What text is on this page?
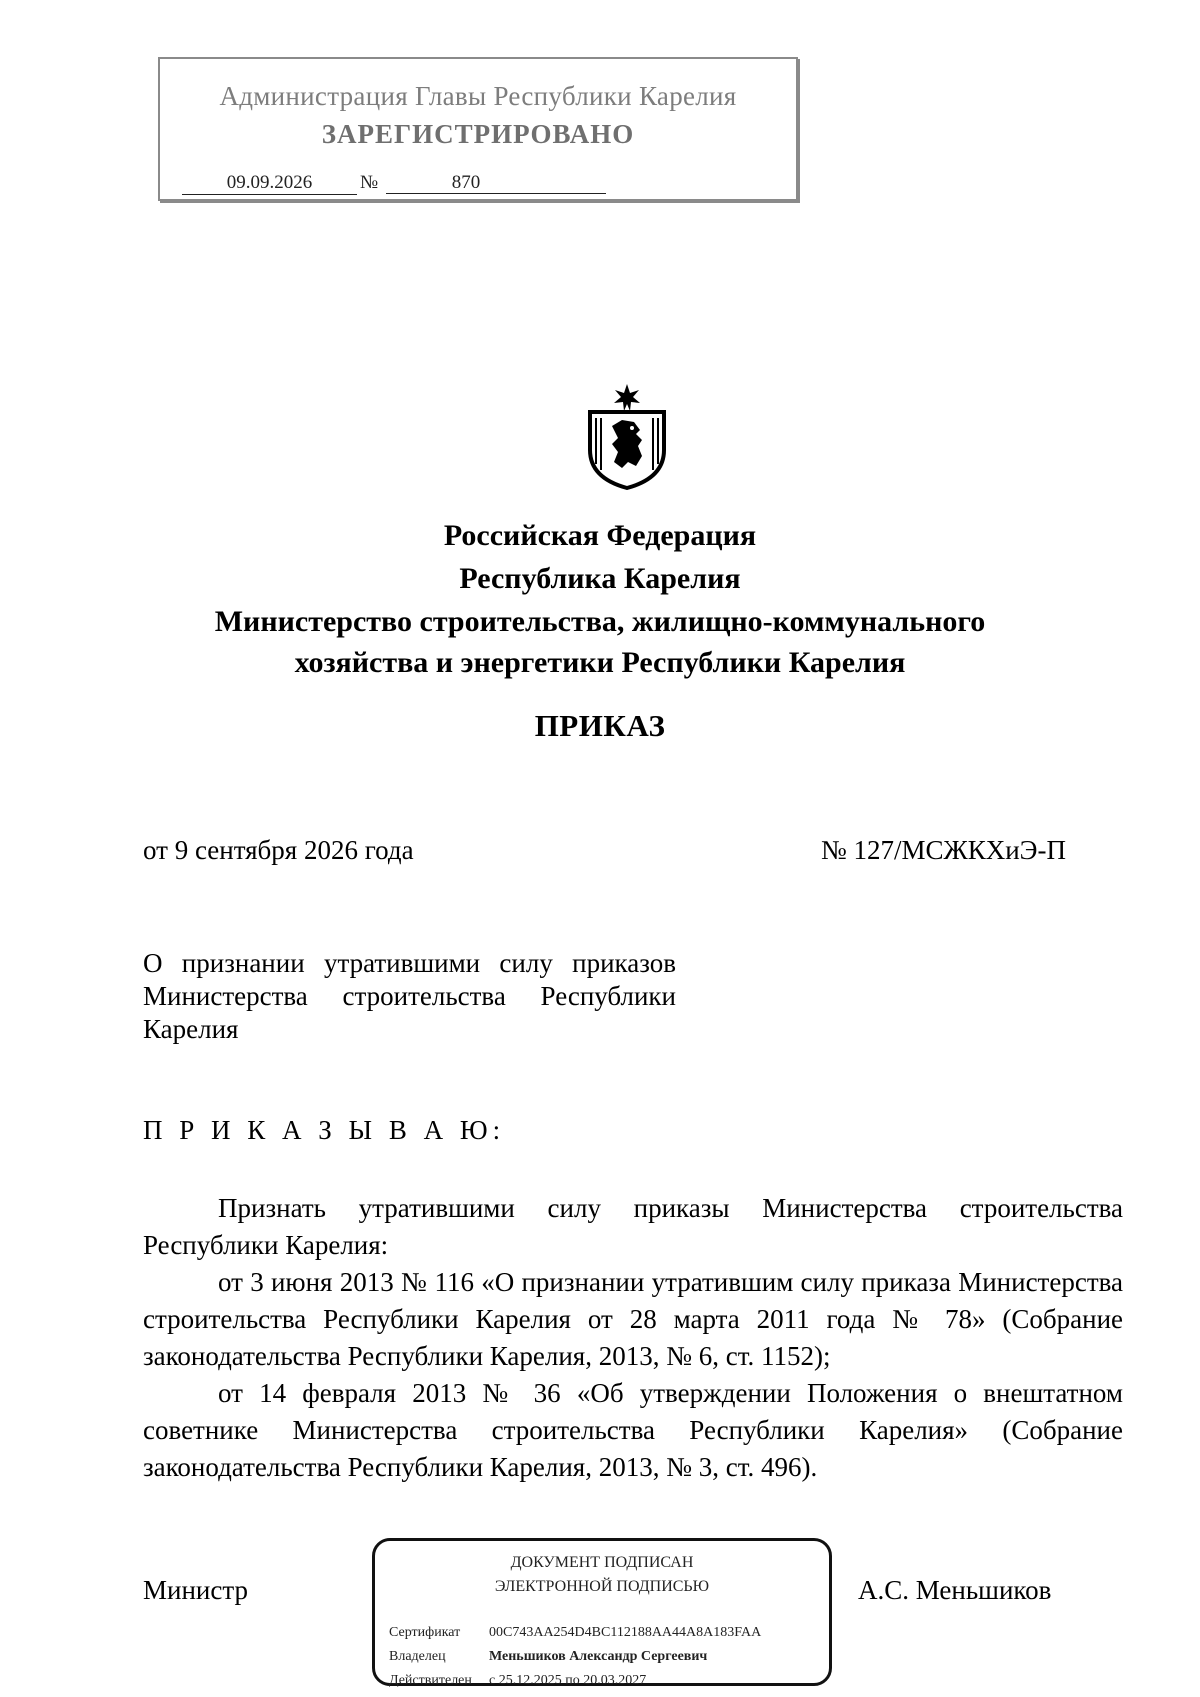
Администрация Главы Республики Карелия
ЗАРЕГИСТРИРОВАНО
09.09.2026	№	870
Российская Федерация
Республика Карелия
Министерство строительства, жилищно-коммунального
хозяйства и энергетики Республики Карелия
ПРИКАЗ
от 9 сентября 2026 года	№ 127/МСЖКХиЭ-П
О признании утратившими силу приказов
Министерства строительства Республики
Карелия
П Р И К А З Ы В А Ю:

Признать утратившими силу приказы Министерства строительства Республики Карелия:

от 3 июня 2013 № 116 «О признании утратившим силу приказа Министерства строительства Республики Карелия от 28 марта 2011 года № 78» (Собрание законодательства Республики Карелия, 2013, № 6, ст. 1152);

от 14 февраля 2013 № 36 «Об утверждении Положения о внештатном советнике Министерства строительства Республики Карелия» (Собрание законодательства Республики Карелия, 2013, № 3, ст. 496).

Министр	А.С. Меньшиков
ДОКУМЕНТ ПОДПИСАН
ЭЛЕКТРОННОЙ ПОДПИСЬЮ
Сертификат 00C743AA254D4BC112188AA44A8A183FAA
Владелец	Меньшиков Александр Сергеевич
Действителен с 25.12.2025 по 20.03.2027
